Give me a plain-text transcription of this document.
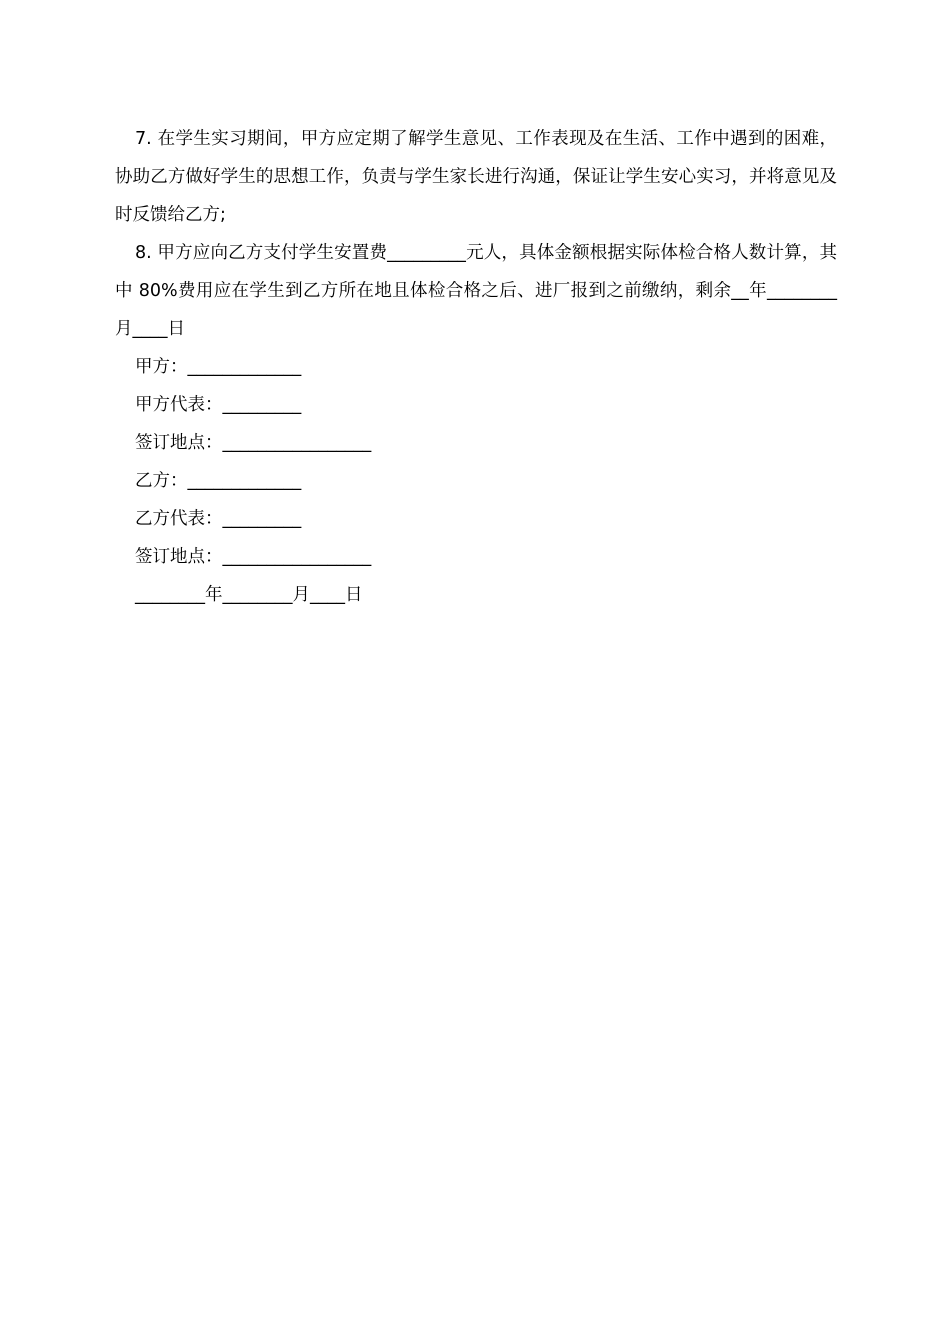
7. 在学生实习期间，甲方应定期了解学生意见、工作表现及在生活、工作中遇到的困难，协助乙方做好学生的思想工作，负责与学生家长进行沟通，保证让学生安心实习，并将意见及时反馈给乙方;

8. 甲方应向乙方支付学生安置费_________元人，具体金额根据实际体检合格人数计算，其中 80%费用应在学生到乙方所在地且体检合格之后、进厂报到之前缴纳，剩余__年________月____日

甲方：_____________

甲方代表：_________

签订地点：_________________

乙方：_____________

乙方代表：_________

签订地点：_________________

________年________月____日
